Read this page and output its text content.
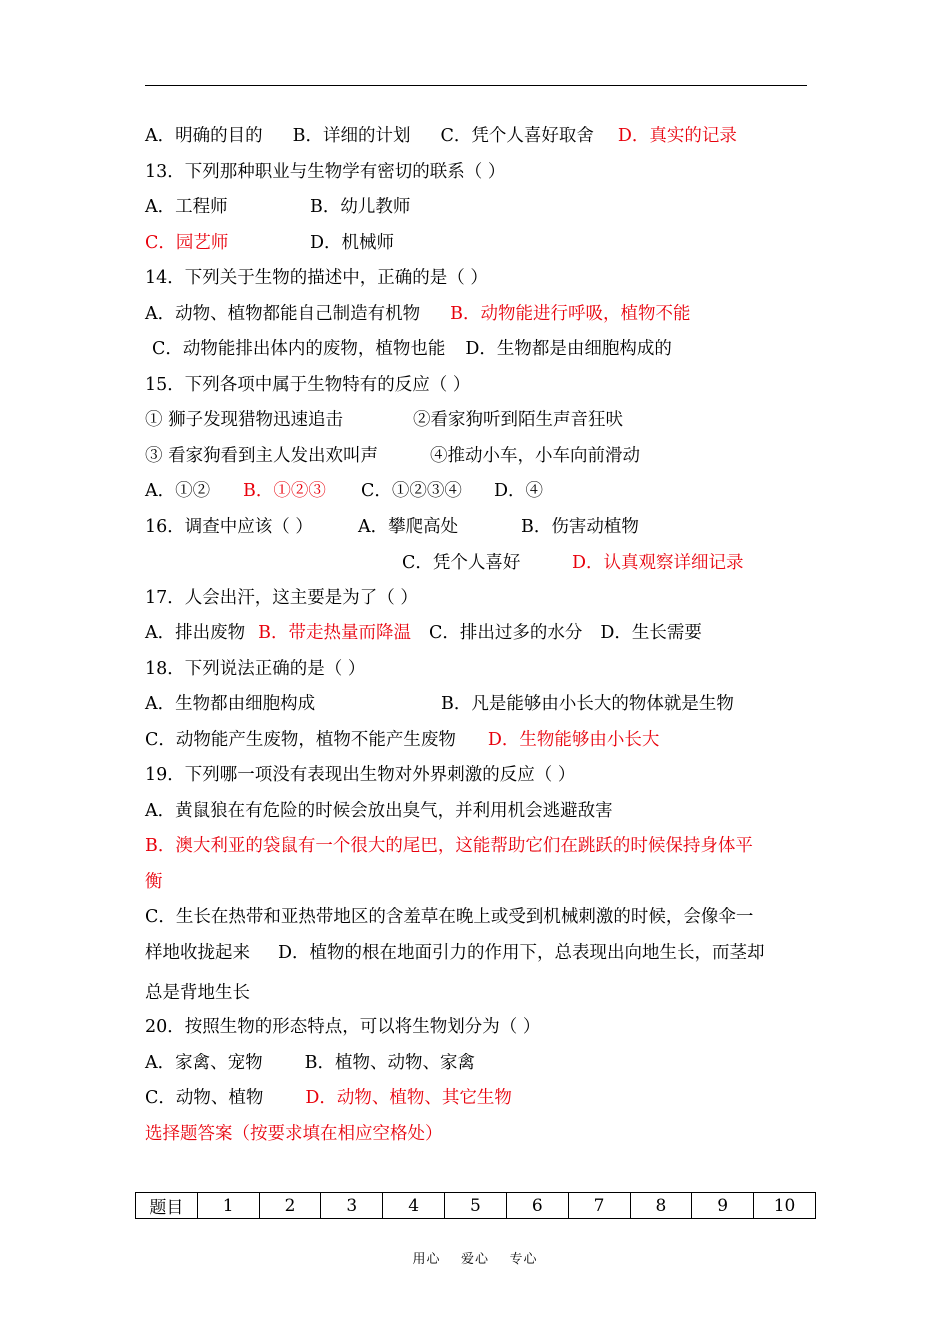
A．明确的目的 B．详细的计划 C．凭个人喜好取舍 D．真实的记录
13．下列那种职业与生物学有密切的联系（ ）
A．工程师	B．幼儿教师
C．园艺师	D．机械师
14．下列关于生物的描述中，正确的是（ ）
A．动物、植物都能自己制造有机物 B．动物能进行呼吸，植物不能
C．动物能排出体内的废物，植物也能 D．生物都是由细胞构成的
15．下列各项中属于生物特有的反应（ ）
① 狮子发现猎物迅速追击	②看家狗听到陌生声音狂吠
③ 看家狗看到主人发出欢叫声	④推动小车，小车向前滑动
A．①② B．①②③ C．①②③④ D．④
16．调查中应该（ ）	A．攀爬高处	B．伤害动植物
C．凭个人喜好	D．认真观察详细记录
17．人会出汗，这主要是为了（ ）
A．排出废物 B．带走热量而降温 C．排出过多的水分 D．生长需要
18．下列说法正确的是（ ）
A．生物都由细胞构成	B．凡是能够由小长大的物体就是生物
C．动物能产生废物，植物不能产生废物 D．生物能够由小长大
19．下列哪一项没有表现出生物对外界刺激的反应（ ）
A．黄鼠狼在有危险的时候会放出臭气，并利用机会逃避敌害
B．澳大利亚的袋鼠有一个很大的尾巴，这能帮助它们在跳跃的时候保持身体平
衡
C．生长在热带和亚热带地区的含羞草在晚上或受到机械刺激的时候，会像伞一
样地收拢起来 D．植物的根在地面引力的作用下，总表现出向地生长，而茎却
总是背地生长
20．按照生物的形态特点，可以将生物划分为（ ）
A．家禽、宠物 B．植物、动物、家禽
C．动物、植物 D．动物、植物、其它生物
选择题答案（按要求填在相应空格处）
题目	1	2	3	4	5	6	7	8	9	10
用心    爱心    专心
